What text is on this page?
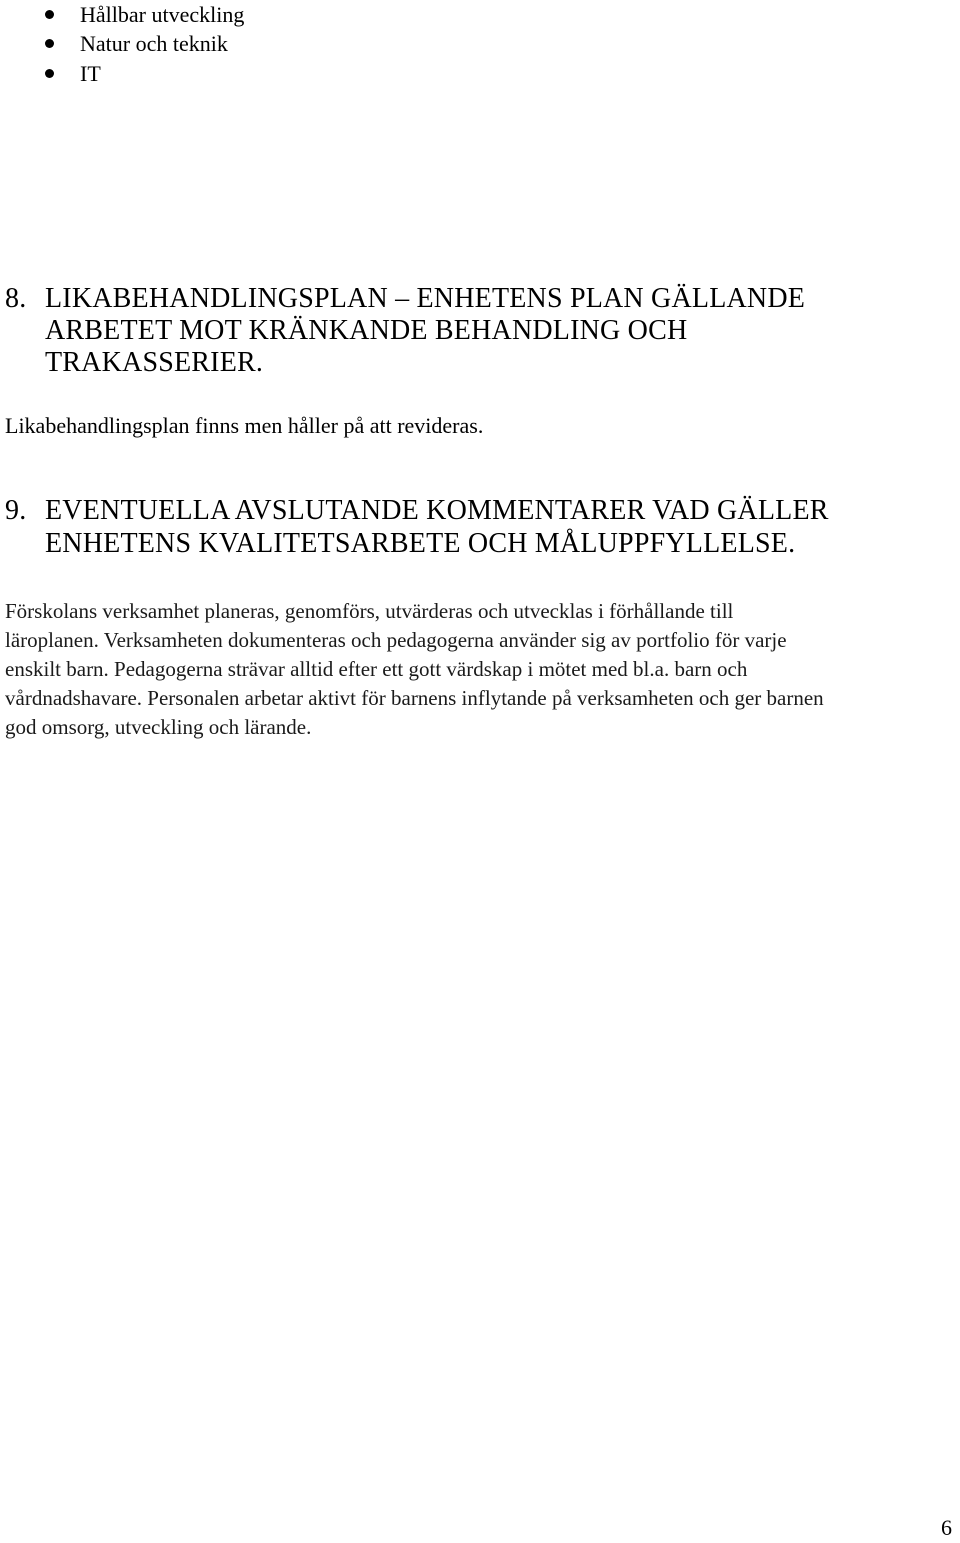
Hållbar utveckling
Natur och teknik
IT
8. LIKABEHANDLINGSPLAN – ENHETENS PLAN GÄLLANDE
ARBETET MOT KRÄNKANDE BEHANDLING OCH
TRAKASSERIER.

Likabehandlingsplan finns men håller på att revideras.

9. EVENTUELLA AVSLUTANDE KOMMENTARER VAD GÄLLER
ENHETENS KVALITETSARBETE OCH MÅLUPPFYLLELSE.

Förskolans verksamhet planeras, genomförs, utvärderas och utvecklas i förhållande till
läroplanen. Verksamheten dokumenteras och pedagogerna använder sig av portfolio för varje
enskilt barn. Pedagogerna strävar alltid efter ett gott värdskap i mötet med bl.a. barn och
vårdnadshavare. Personalen arbetar aktivt för barnens inflytande på verksamheten och ger barnen
god omsorg, utveckling och lärande.

6
